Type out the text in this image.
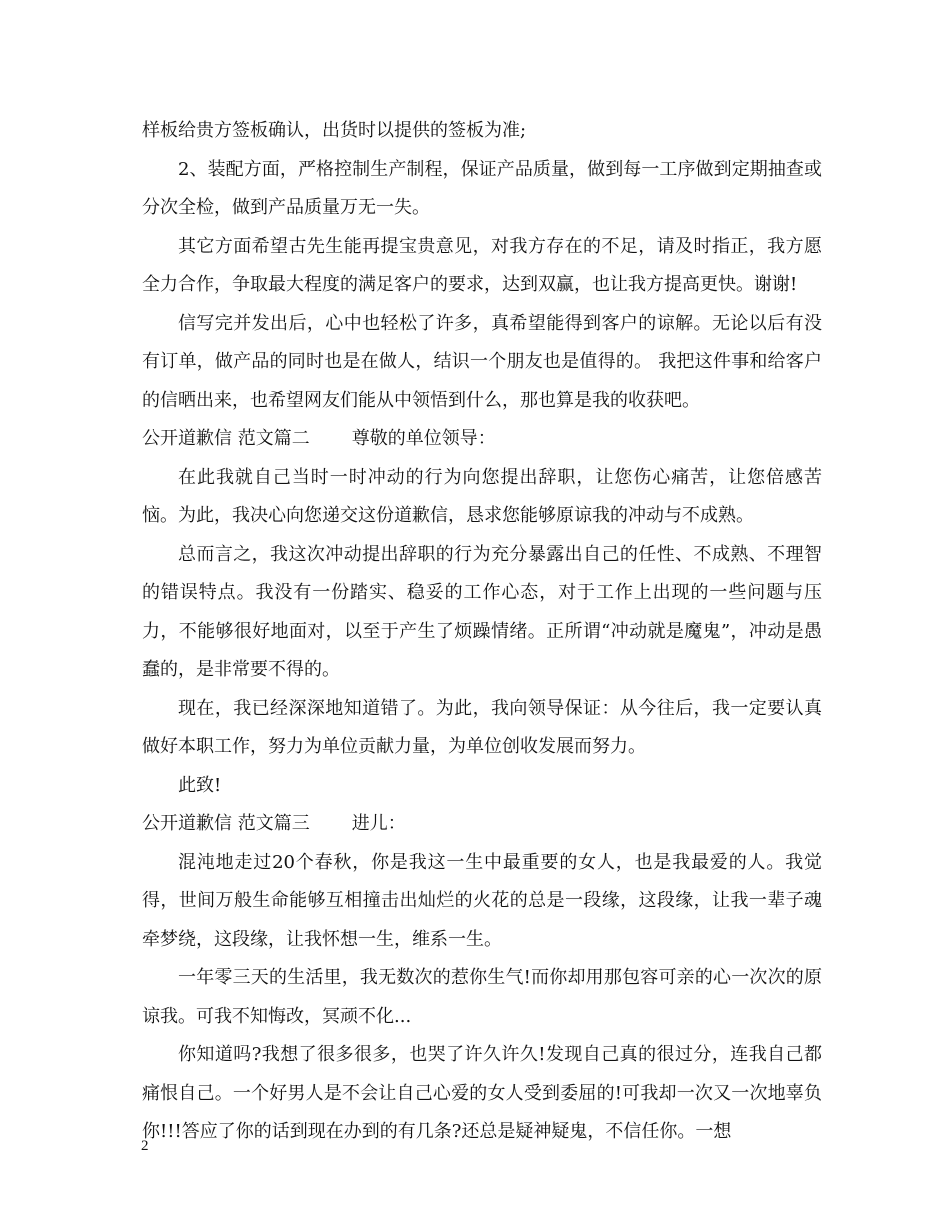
样板给贵方签板确认，出货时以提供的签板为准;

2、装配方面，严格控制生产制程，保证产品质量，做到每一工序做到定期抽查或分次全检，做到产品质量万无一失。

其它方面希望古先生能再提宝贵意见，对我方存在的不足，请及时指正，我方愿全力合作，争取最大程度的满足客户的要求，达到双赢，也让我方提高更快。谢谢!

信写完并发出后，心中也轻松了许多，真希望能得到客户的谅解。无论以后有没有订单，做产品的同时也是在做人，结识一个朋友也是值得的。 我把这件事和给客户的信晒出来，也希望网友们能从中领悟到什么，那也算是我的收获吧。

公开道歉信 范文篇二 尊敬的单位领导：

在此我就自己当时一时冲动的行为向您提出辞职，让您伤心痛苦，让您倍感苦恼。为此，我决心向您递交这份道歉信，恳求您能够原谅我的冲动与不成熟。

总而言之，我这次冲动提出辞职的行为充分暴露出自己的任性、不成熟、不理智的错误特点。我没有一份踏实、稳妥的工作心态，对于工作上出现的一些问题与压力，不能够很好地面对，以至于产生了烦躁情绪。正所谓“冲动就是魔鬼”，冲动是愚蠢的，是非常要不得的。

现在，我已经深深地知道错了。为此，我向领导保证：从今往后，我一定要认真做好本职工作，努力为单位贡献力量，为单位创收发展而努力。

此致!

公开道歉信 范文篇三 进儿：

混沌地走过20个春秋，你是我这一生中最重要的女人，也是我最爱的人。我觉得，世间万般生命能够互相撞击出灿烂的火花的总是一段缘，这段缘，让我一辈子魂牵梦绕，这段缘，让我怀想一生，维系一生。

一年零三天的生活里，我无数次的惹你生气!而你却用那包容可亲的心一次次的原谅我。可我不知悔改，冥顽不化...

你知道吗?我想了很多很多，也哭了许久许久!发现自己真的很过分，连我自己都痛恨自己。一个好男人是不会让自己心爱的女人受到委屈的!可我却一次又一次地辜负你!!!答应了你的话到现在办到的有几条?还总是疑神疑鬼，不信任你。一想

2
